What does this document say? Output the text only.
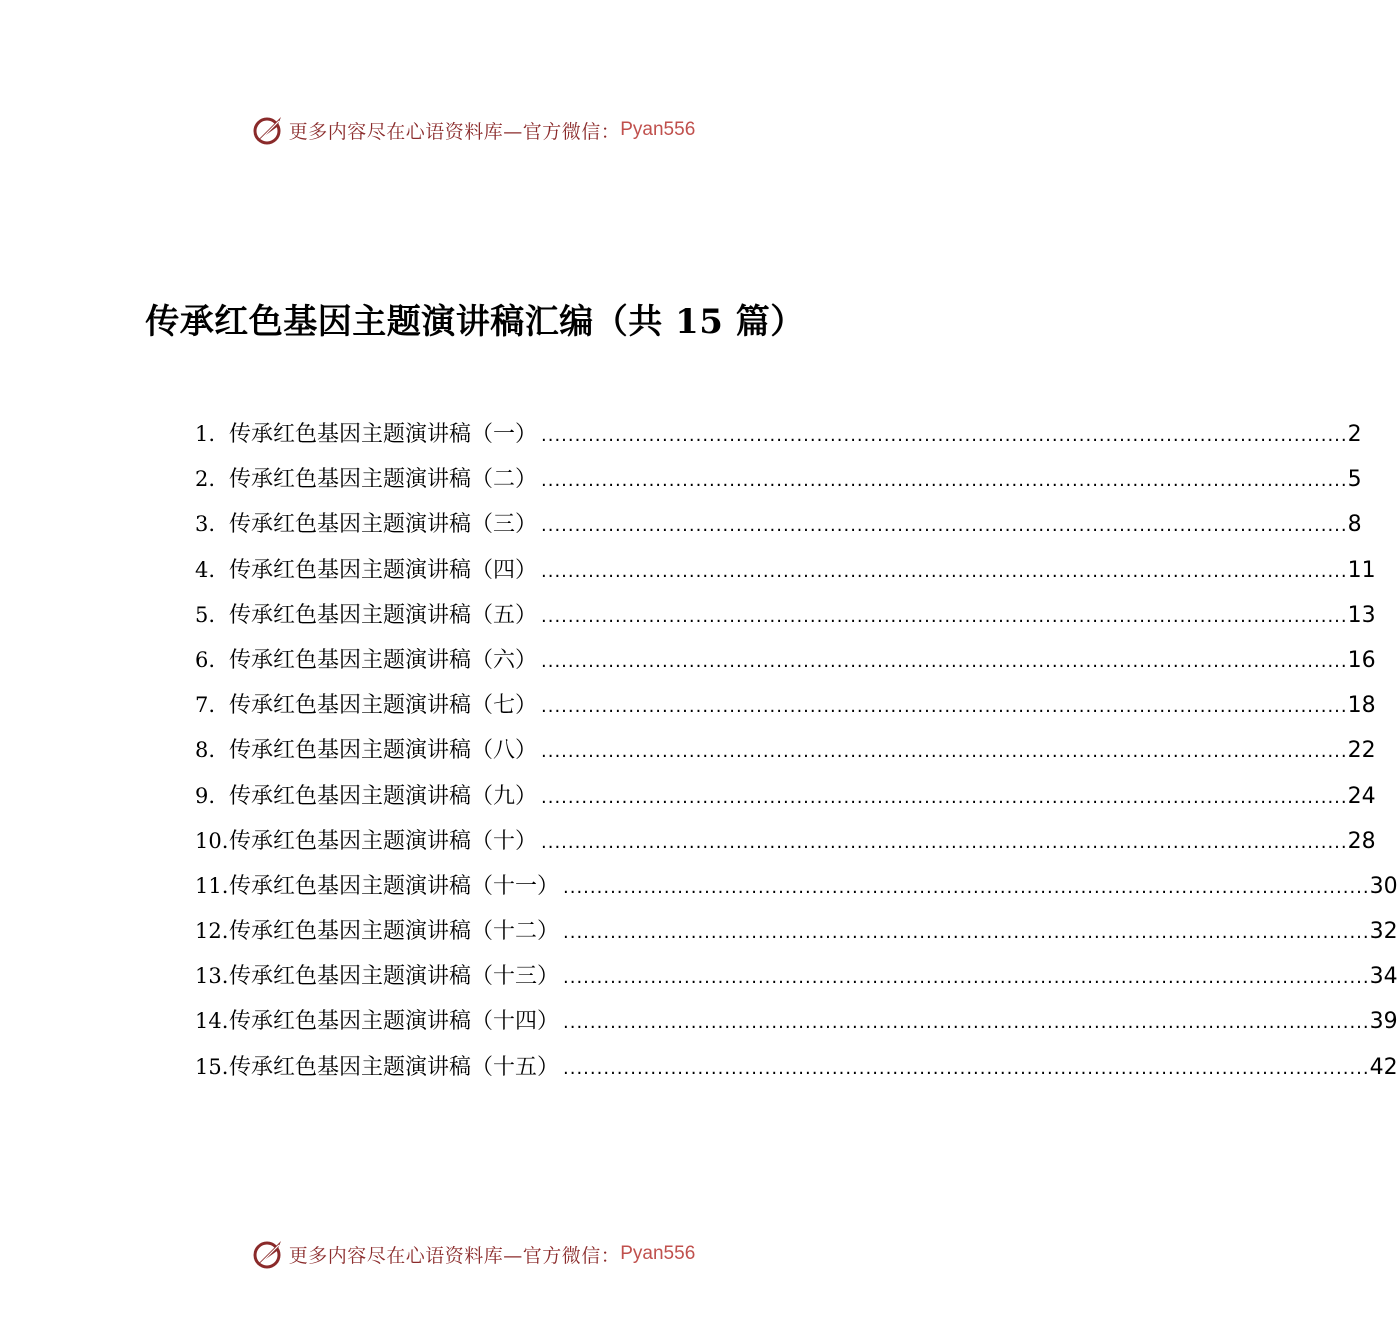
更多内容尽在心语资料库—官方微信： Pyan556
传承红色基因主题演讲稿汇编（共 15 篇）
1. 传承红色基因主题演讲稿（一） ........................................................................................................................ 2
2. 传承红色基因主题演讲稿（二） ........................................................................................................................ 5
3. 传承红色基因主题演讲稿（三） ........................................................................................................................ 8
4. 传承红色基因主题演讲稿（四） ........................................................................................................................ 11
5. 传承红色基因主题演讲稿（五） ........................................................................................................................ 13
6. 传承红色基因主题演讲稿（六） ........................................................................................................................ 16
7. 传承红色基因主题演讲稿（七） ........................................................................................................................ 18
8. 传承红色基因主题演讲稿（八） ........................................................................................................................ 22
9. 传承红色基因主题演讲稿（九） ........................................................................................................................ 24
10. 传承红色基因主题演讲稿（十） ........................................................................................................................ 28
11. 传承红色基因主题演讲稿（十一） ........................................................................................................................ 30
12. 传承红色基因主题演讲稿（十二） ........................................................................................................................ 32
13. 传承红色基因主题演讲稿（十三） ........................................................................................................................ 34
14. 传承红色基因主题演讲稿（十四） ........................................................................................................................ 39
15. 传承红色基因主题演讲稿（十五） ........................................................................................................................ 42
更多内容尽在心语资料库—官方微信： Pyan556
